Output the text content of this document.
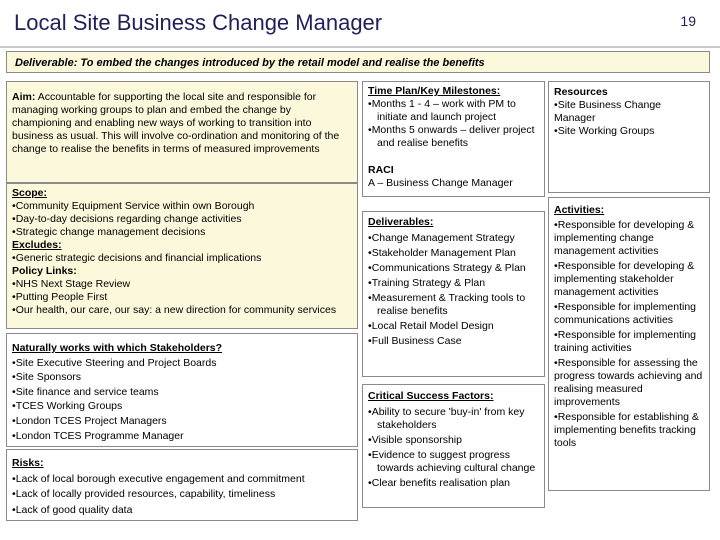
Local Site Business Change Manager	19
Deliverable: To embed the changes introduced by the retail model and realise the benefits

Aim: Accountable for supporting the local site and responsible for managing working groups to plan and embed the change by championing and enabling new ways of working to transition into business as usual. This will involve co-ordination and monitoring of the change to realise the benefits in terms of measured improvements

Scope:
• Community Equipment Service within own Borough
• Day-to-day decisions regarding change activities
• Strategic change management decisions
Excludes:
• Generic strategic decisions and financial implications
Policy Links:
• NHS Next Stage Review
• Putting People First
• Our health, our care, our say: a new direction for community services
Naturally works with which Stakeholders?
• Site Executive Steering and Project Boards
• Site Sponsors
• Site finance and service teams
• TCES Working Groups
• London TCES Project Managers
• London TCES Programme Manager
Risks:
• Lack of local borough executive engagement and commitment
• Lack of locally provided resources, capability, timeliness
• Lack of good quality data
Time Plan/Key Milestones:
• Months 1 - 4 – work with PM to initiate and launch project
• Months 5 onwards – deliver project and realise benefits
RACI
A – Business Change Manager
Deliverables:
• Change Management Strategy
• Stakeholder Management Plan
• Communications Strategy & Plan
• Training Strategy & Plan
• Measurement & Tracking tools to realise benefits
• Local Retail Model Design
• Full Business Case
Critical Success Factors:
• Ability to secure 'buy-in' from key stakeholders
• Visible sponsorship
• Evidence to suggest progress towards achieving cultural change
• Clear benefits realisation plan
Resources
• Site Business Change Manager
• Site Working Groups
Activities:
• Responsible for developing & implementing change management activities
• Responsible for developing & implementing stakeholder management activities
• Responsible for implementing communications activities
• Responsible for implementing training activities
• Responsible for assessing the progress towards achieving and realising measured improvements
• Responsible for establishing & implementing benefits tracking tools
